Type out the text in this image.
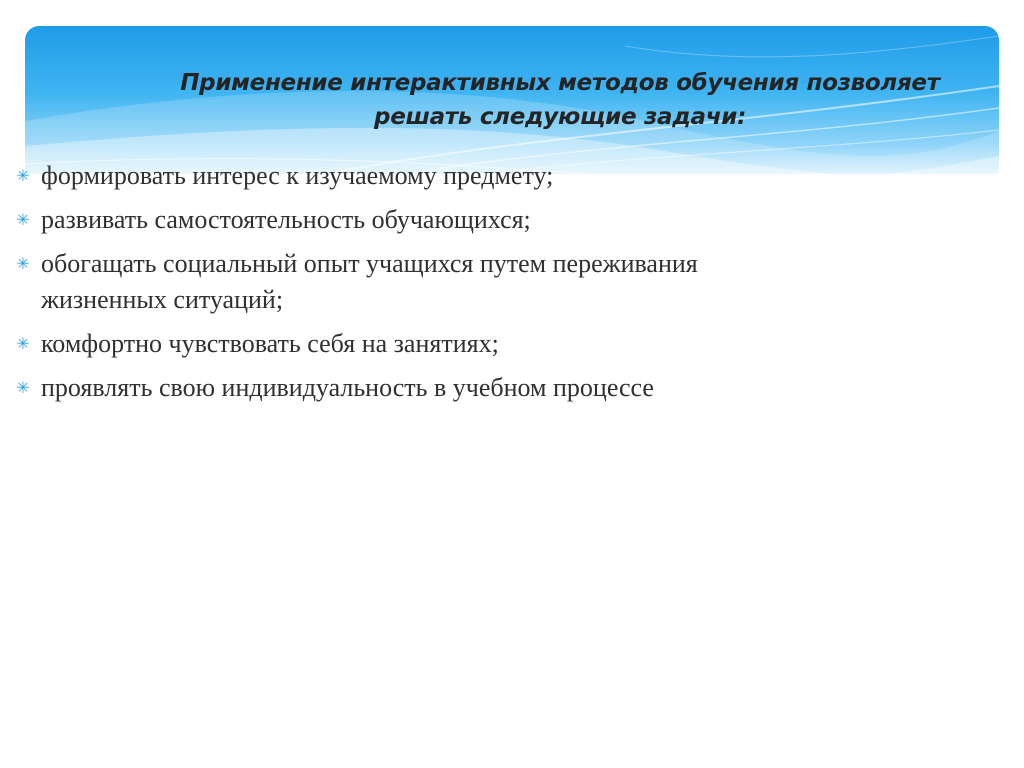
Применение интерактивных методов обучения позволяет решать следующие задачи:
✳ формировать интерес к изучаемому предмету;
✳ развивать самостоятельность обучающихся;
✳ обогащать социальный опыт учащихся путем переживания жизненных ситуаций;
✳ комфортно чувствовать себя на занятиях;
✳ проявлять свою индивидуальность в учебном процессе
